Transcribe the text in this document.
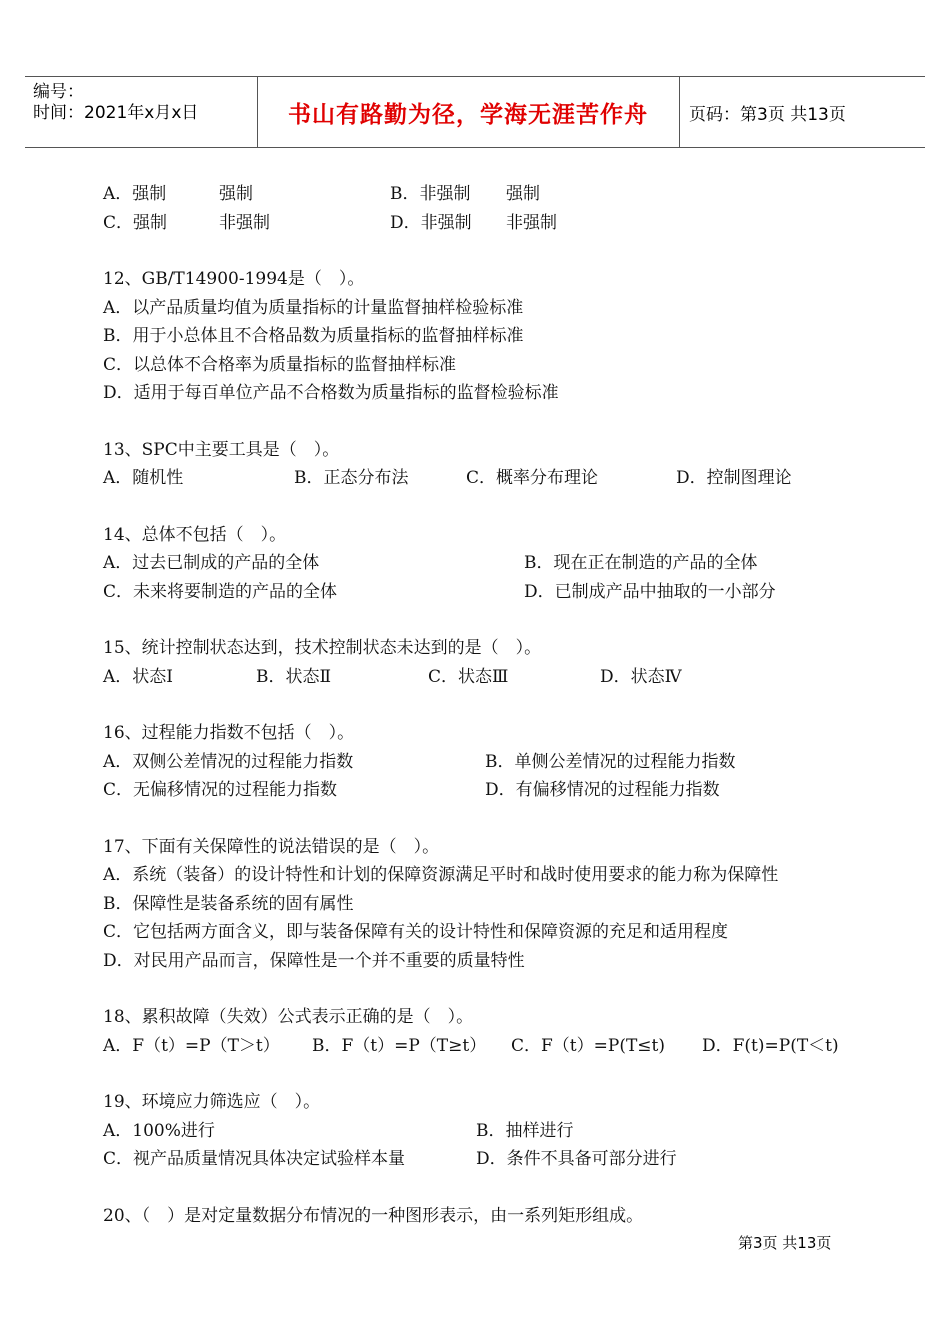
编号：
时间：2021年x月x日	书山有路勤为径，学海无涯苦作舟	页码：第3页 共13页
A．强制	强制	B．非强制 强制
C．强制	非强制	D．非强制 非强制
12、GB/T14900-1994是（　）。
A．以产品质量均值为质量指标的计量监督抽样检验标准
B．用于小总体且不合格品数为质量指标的监督抽样标准
C．以总体不合格率为质量指标的监督抽样标准
D．适用于每百单位产品不合格数为质量指标的监督检验标准
13、SPC中主要工具是（　）。
A．随机性	B．正态分布法	C．概率分布理论	D．控制图理论
14、总体不包括（　）。
A．过去已制成的产品的全体	B．现在正在制造的产品的全体
C．未来将要制造的产品的全体	D．已制成产品中抽取的一小部分
15、统计控制状态达到，技术控制状态未达到的是（　）。
A．状态Ⅰ	B．状态Ⅱ	C．状态Ⅲ	D．状态Ⅳ
16、过程能力指数不包括（　）。
A．双侧公差情况的过程能力指数	B．单侧公差情况的过程能力指数
C．无偏移情况的过程能力指数	D．有偏移情况的过程能力指数
17、下面有关保障性的说法错误的是（　）。
A．系统（装备）的设计特性和计划的保障资源满足平时和战时使用要求的能力称为保障性
B．保障性是装备系统的固有属性
C．它包括两方面含义，即与装备保障有关的设计特性和保障资源的充足和适用程度
D．对民用产品而言，保障性是一个并不重要的质量特性
18、累积故障（失效）公式表示正确的是（　）。
A．F（t）=P（T＞t） B．F（t）=P（T≥t） C．F（t）=P(T≤t) D．F(t)=P(T＜t)
19、环境应力筛选应（　）。
A．100%进行	B．抽样进行
C．视产品质量情况具体决定试验样本量	D．条件不具备可部分进行
20、（　）是对定量数据分布情况的一种图形表示，由一系列矩形组成。
第3页 共13页
